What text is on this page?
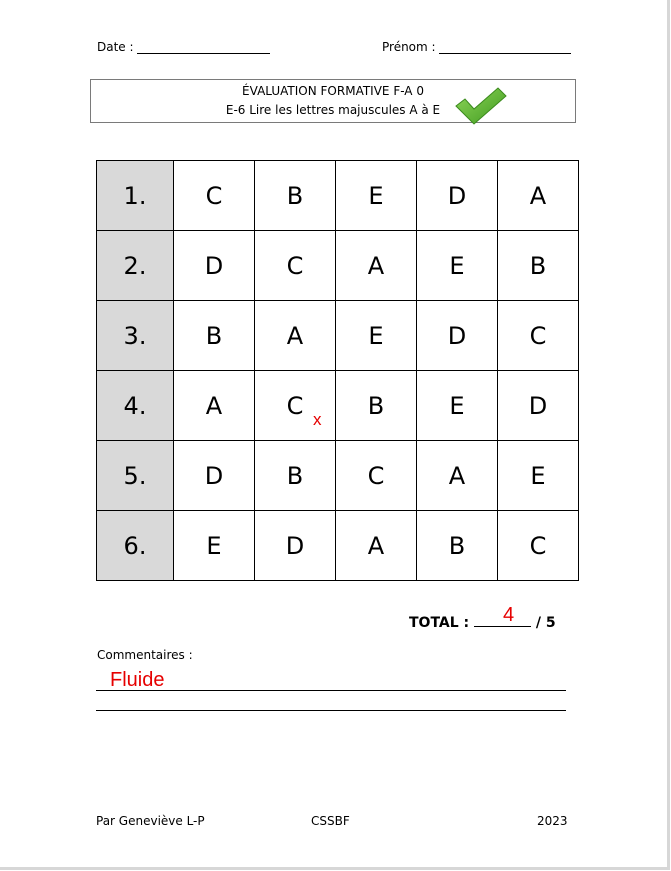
Date :	Prénom :
ÉVALUATION FORMATIVE F-A 0
E-6 Lire les lettres majuscules A à E
1.	C	B	E	D	A
2.	D	C	A	E	B
3.	B	A	E	D	C
4.	A	C x	B	E	D
5.	D	B	C	A	E
6.	E	D	A	B	C
TOTAL :	/ 5
4
Commentaires :
Fluide
Par Geneviève L-P	CSSBF	2023
